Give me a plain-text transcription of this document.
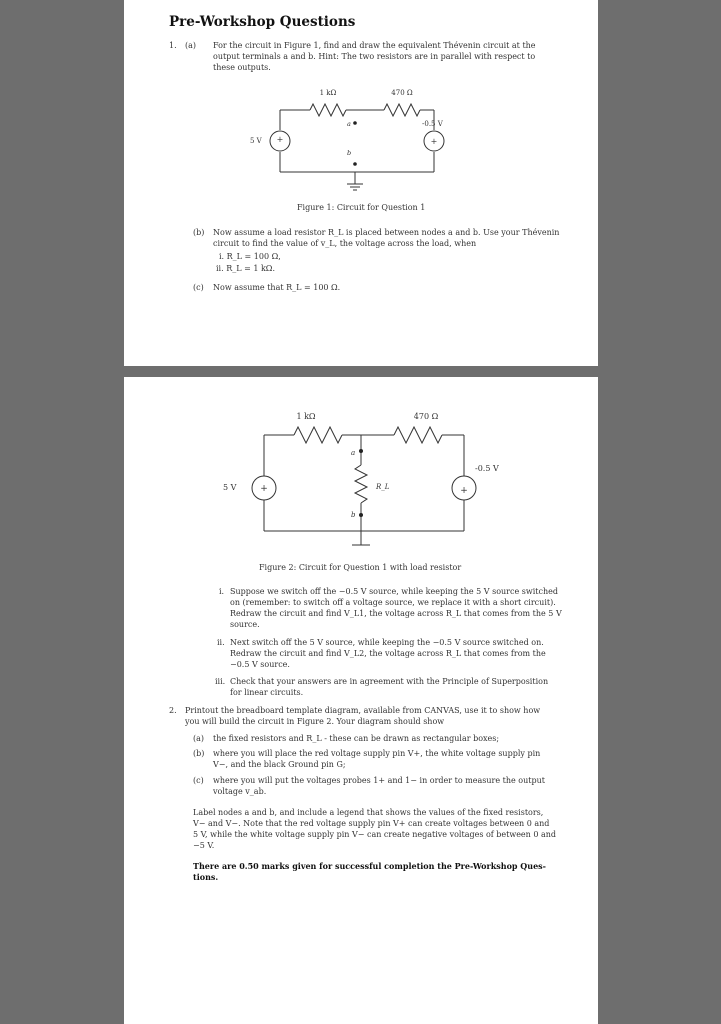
Pre-Workshop Questions
1. (a) For the circuit in Figure 1, find and draw the equivalent Thévenin circuit at the
output terminals a and b. Hint: The two resistors are in parallel with respect to
these outputs.
1 kΩ	470 Ω
a
b
5 V
-0.5 V
+	+
Figure 1: Circuit for Question 1
(b) Now assume a load resistor R_L is placed between nodes a and b. Use your Thévenin
circuit to find the value of v_L, the voltage across the load, when
i. R_L = 100 Ω,
ii. R_L = 1 kΩ.
(c) Now assume that R_L = 100 Ω.
1 kΩ	470 Ω
a
b
R_L
5 V
-0.5 V
+	+
Figure 2: Circuit for Question 1 with load resistor
i. Suppose we switch off the −0.5 V source, while keeping the 5 V source switched
on (remember: to switch off a voltage source, we replace it with a short circuit).
Redraw the circuit and find V_L1, the voltage across R_L that comes from the 5 V
source.
ii. Next switch off the 5 V source, while keeping the −0.5 V source switched on.
Redraw the circuit and find V_L2, the voltage across R_L that comes from the
−0.5 V source.
iii. Check that your answers are in agreement with the Principle of Superposition
for linear circuits.
2. Printout the breadboard template diagram, available from CANVAS, use it to show how
you will build the circuit in Figure 2. Your diagram should show
(a) the fixed resistors and R_L - these can be drawn as rectangular boxes;
(b) where you will place the red voltage supply pin V+, the white voltage supply pin
V−, and the black Ground pin G;
(c) where you will put the voltages probes 1+ and 1− in order to measure the output
voltage v_ab.
Label nodes a and b, and include a legend that shows the values of the fixed resistors,
V− and V−. Note that the red voltage supply pin V+ can create voltages between 0 and
5 V, while the white voltage supply pin V− can create negative voltages of between 0 and
−5 V.
There are 0.50 marks given for successful completion the Pre-Workshop Ques-
tions.
